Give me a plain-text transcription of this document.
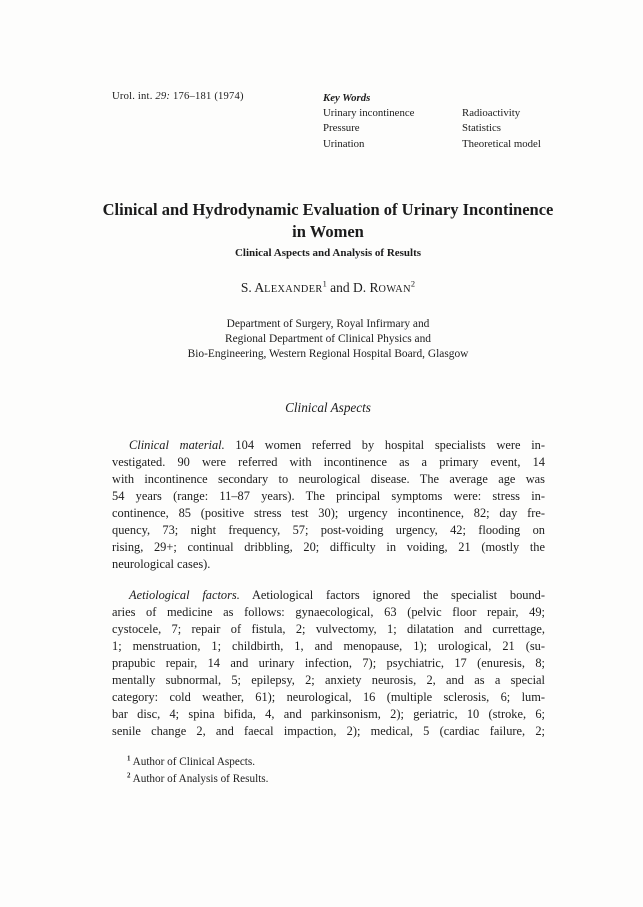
Urol. int. 29: 176–181 (1974)	Key Words
Urinary incontinence
Pressure
Urination
Radioactivity
Statistics
Theoretical model
Clinical and Hydrodynamic Evaluation of Urinary Incontinence
in Women
Clinical Aspects and Analysis of Results
S. ALEXANDER$^1$ and D. ROWAN$^2$
Department of Surgery, Royal Infirmary and
Regional Department of Clinical Physics and
Bio-Engineering, Western Regional Hospital Board, Glasgow
Clinical Aspects
Clinical material. 104 women referred by hospital specialists were in-
vestigated. 90 were referred with incontinence as a primary event, 14
with incontinence secondary to neurological disease. The average age was
54 years (range: 11–87 years). The principal symptoms were: stress in-
continence, 85 (positive stress test 30); urgency incontinence, 82; day fre-
quency, 73; night frequency, 57; post-voiding urgency, 42; flooding on
rising, 29+; continual dribbling, 20; difficulty in voiding, 21 (mostly the
neurological cases).
Aetiological factors. Aetiological factors ignored the specialist bound-
aries of medicine as follows: gynaecological, 63 (pelvic floor repair, 49;
cystocele, 7; repair of fistula, 2; vulvectomy, 1; dilatation and currettage,
1; menstruation, 1; childbirth, 1, and menopause, 1); urological, 21 (su-
prapubic repair, 14 and urinary infection, 7); psychiatric, 17 (enuresis, 8;
mentally subnormal, 5; epilepsy, 2; anxiety neurosis, 2, and as a special
category: cold weather, 61); neurological, 16 (multiple sclerosis, 6; lum-
bar disc, 4; spina bifida, 4, and parkinsonism, 2); geriatric, 10 (stroke, 6;
senile change 2, and faecal impaction, 2); medical, 5 (cardiac failure, 2;
$^1$ Author of Clinical Aspects.
$^2$ Author of Analysis of Results.
